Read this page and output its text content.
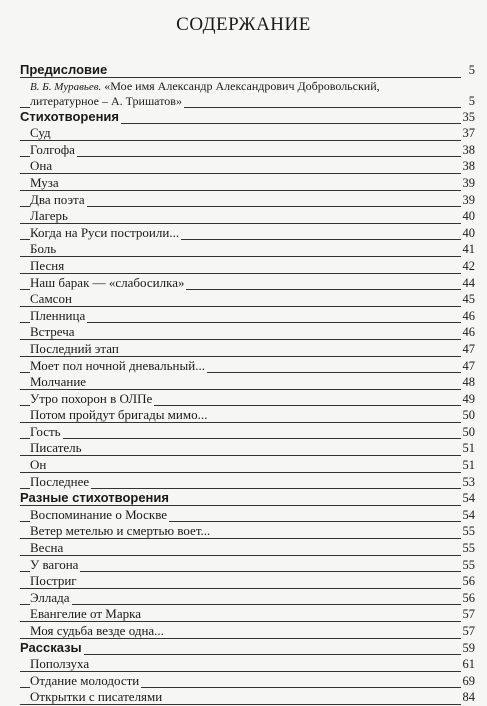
СОДЕРЖАНИЕ
Предисловие	5
В. Б. Муравьев. «Мое имя Александр Александрович Добровольский,
литературное – А. Тришатов»	5
Стихотворения	35
Суд	37
Голгофа	38
Она	38
Муза	39
Два поэта	39
Лагерь	40
Когда на Руси построили...	40
Боль	41
Песня	42
Наш барак — «слабосилка»	44
Самсон	45
Пленница	46
Встреча	46
Последний этап	47
Моет пол ночной дневальный...	47
Молчание	48
Утро похорон в ОЛПе	49
Потом пройдут бригады мимо...	50
Гость	50
Писатель	51
Он	51
Последнее	53
Разные стихотворения	54
Воспоминание о Москве	54
Ветер метелью и смертью воет...	55
Весна	55
У вагона	55
Постриг	56
Эллада	56
Евангелие от Марка	57
Моя судьба везде одна...	57
Рассказы	59
Поползуха	61
Отдание молодости	69
Открытки с писателями	84
